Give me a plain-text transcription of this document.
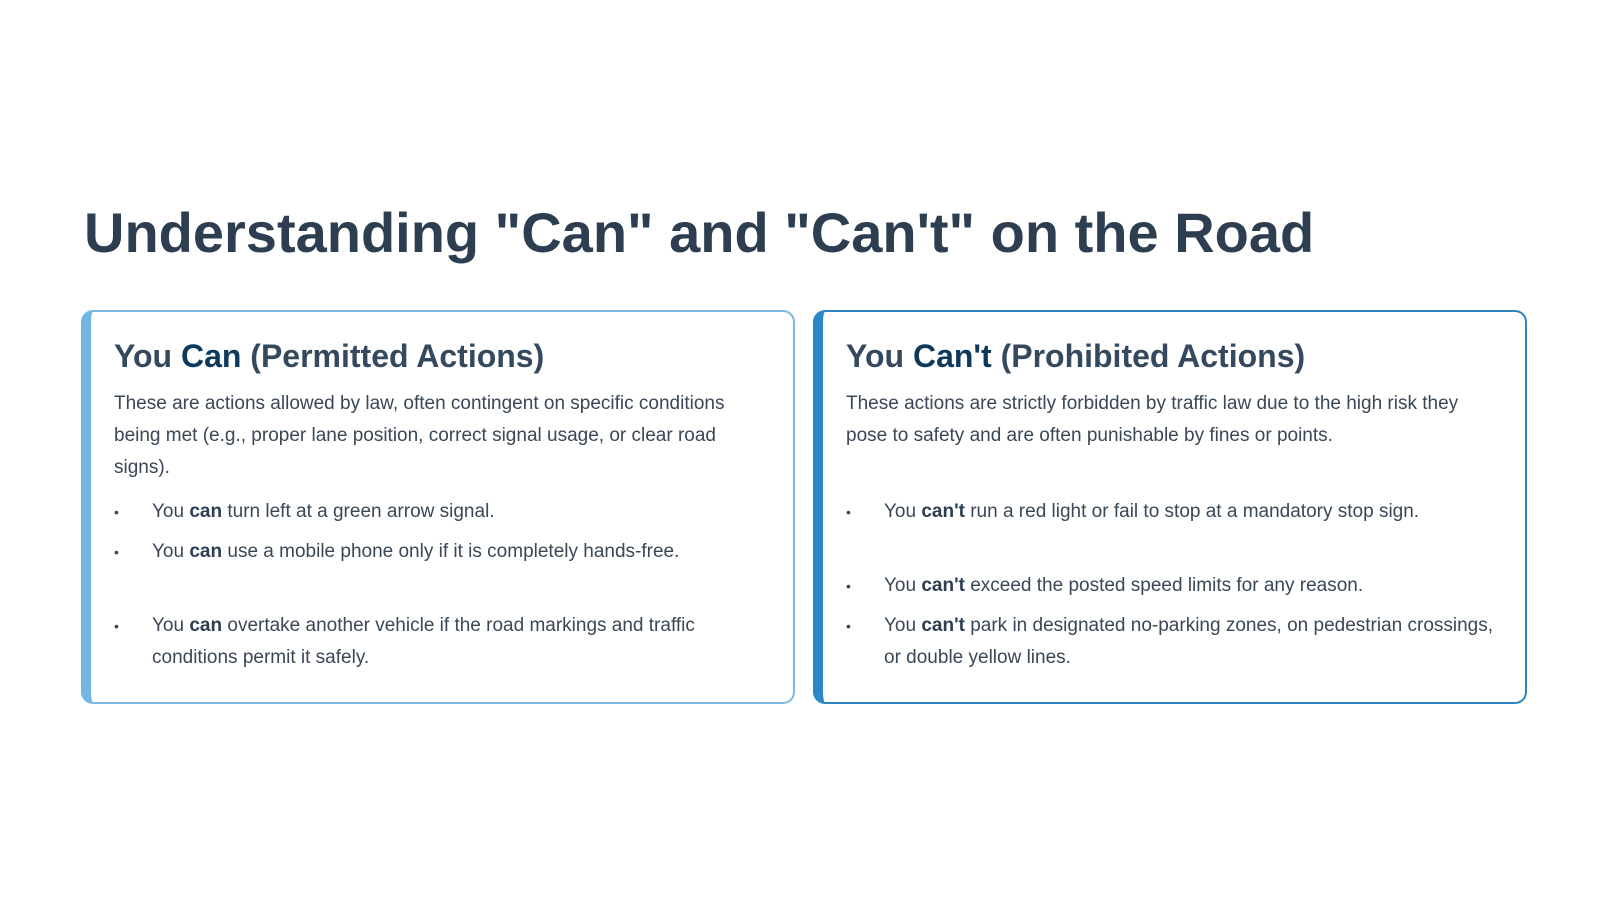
Understanding "Can" and "Can't" on the Road
You Can (Permitted Actions)

These are actions allowed by law, often contingent on specific conditions being met (e.g., proper lane position, correct signal usage, or clear road signs).

• You can turn left at a green arrow signal.
• You can use a mobile phone only if it is completely hands-free.
• You can overtake another vehicle if the road markings and traffic conditions permit it safely.
You Can't (Prohibited Actions)

These actions are strictly forbidden by traffic law due to the high risk they pose to safety and are often punishable by fines or points.

• You can't run a red light or fail to stop at a mandatory stop sign.
• You can't exceed the posted speed limits for any reason.
• You can't park in designated no-parking zones, on pedestrian crossings, or double yellow lines.
